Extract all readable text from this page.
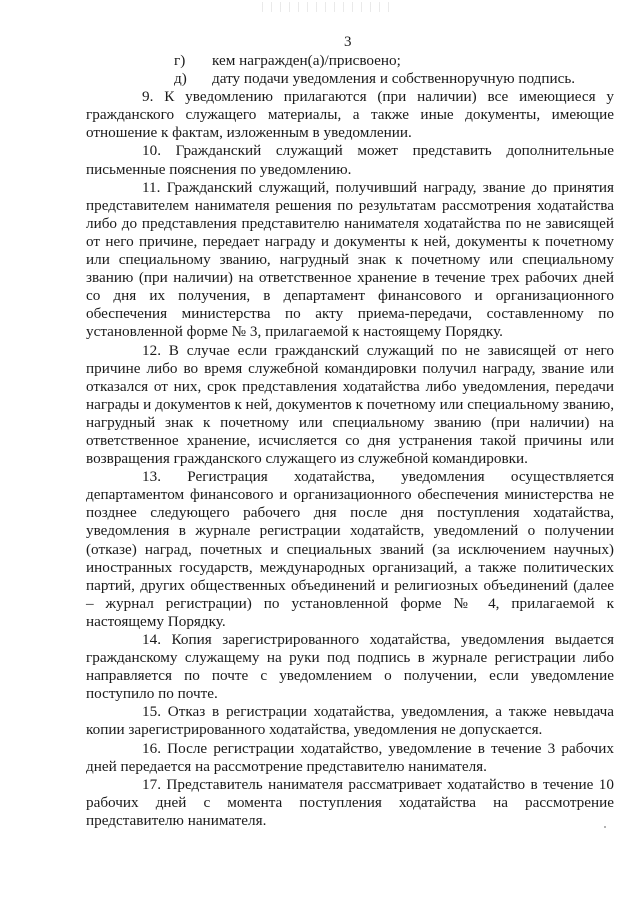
3
г)	кем награжден(а)/присвоено;
д)	дату подачи уведомления и собственноручную подпись.

9. К уведомлению прилагаются (при наличии) все имеющиеся у гражданского служащего материалы, а также иные документы, имеющие отношение к фактам, изложенным в уведомлении.

10. Гражданский служащий может представить дополнительные письменные пояснения по уведомлению.

11. Гражданский служащий, получивший награду, звание до принятия представителем нанимателя решения по результатам рассмотрения ходатайства либо до представления представителю нанимателя ходатайства по не зависящей от него причине, передает награду и документы к ней, документы к почетному или специальному званию, нагрудный знак к почетному или специальному званию (при наличии) на ответственное хранение в течение трех рабочих дней со дня их получения, в департамент финансового и организационного обеспечения министерства по акту приема-передачи, составленному по установленной форме № 3, прилагаемой к настоящему Порядку.

12. В случае если гражданский служащий по не зависящей от него причине либо во время служебной командировки получил награду, звание или отказался от них, срок представления ходатайства либо уведомления, передачи награды и документов к ней, документов к почетному или специальному званию, нагрудный знак к почетному или специальному званию (при наличии) на ответственное хранение, исчисляется со дня устранения такой причины или возвращения гражданского служащего из служебной командировки.

13. Регистрация ходатайства, уведомления осуществляется департаментом финансового и организационного обеспечения министерства не позднее следующего рабочего дня после дня поступления ходатайства, уведомления в журнале регистрации ходатайств, уведомлений о получении (отказе) наград, почетных и специальных званий (за исключением научных) иностранных государств, международных организаций, а также политических партий, других общественных объединений и религиозных объединений (далее – журнал регистрации) по установленной форме № 4, прилагаемой к настоящему Порядку.

14. Копия зарегистрированного ходатайства, уведомления выдается гражданскому служащему на руки под подпись в журнале регистрации либо направляется по почте с уведомлением о получении, если уведомление поступило по почте.

15. Отказ в регистрации ходатайства, уведомления, а также невыдача копии зарегистрированного ходатайства, уведомления не допускается.

16. После регистрации ходатайство, уведомление в течение 3 рабочих дней передается на рассмотрение представителю нанимателя.

17. Представитель нанимателя рассматривает ходатайство в течение 10 рабочих дней с момента поступления ходатайства на рассмотрение представителю нанимателя.
